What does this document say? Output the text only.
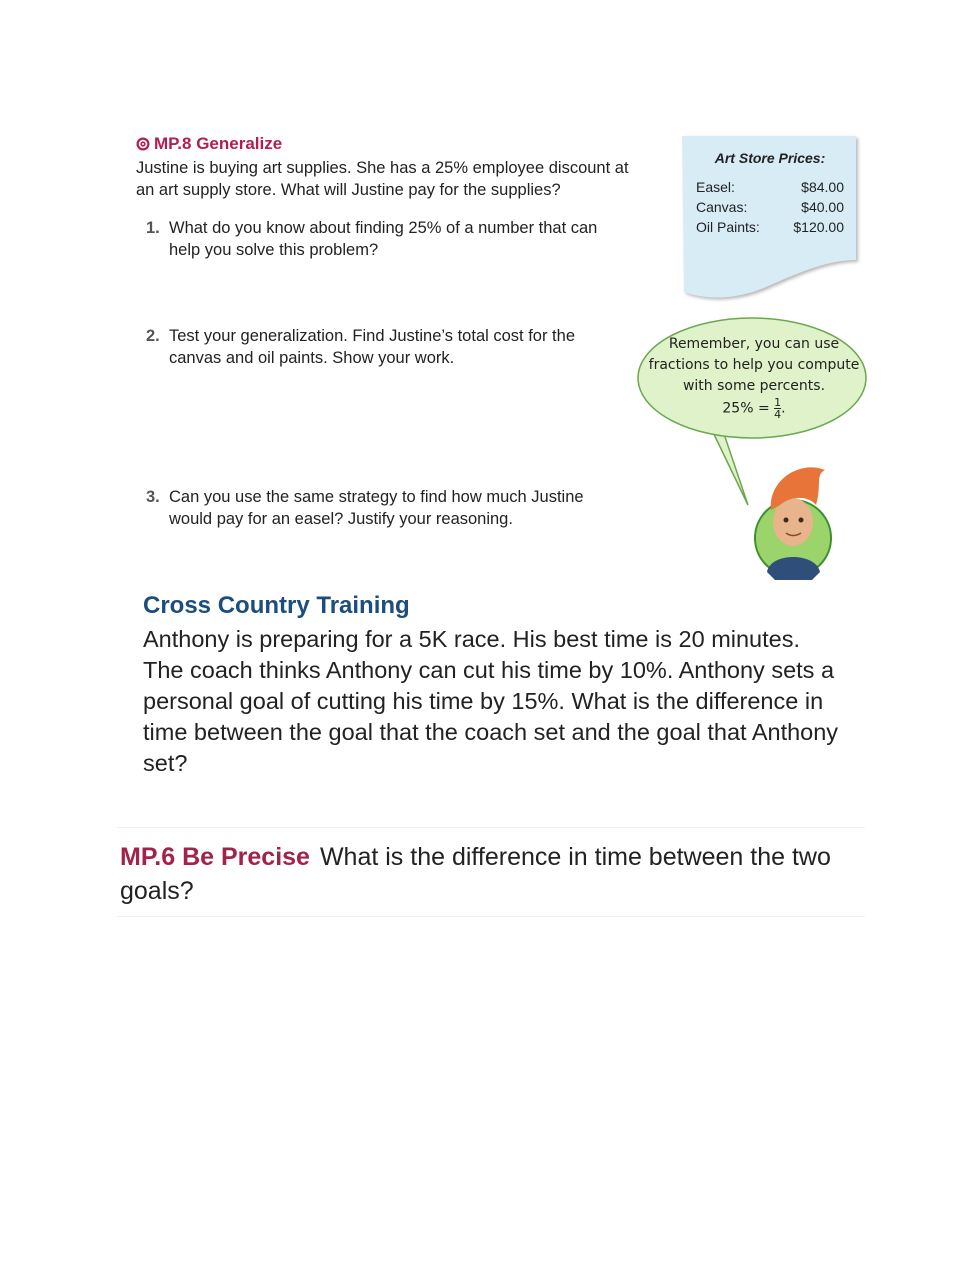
MP.8 Generalize
Justine is buying art supplies. She has a 25% employee discount at an art supply store. What will Justine pay for the supplies?
1. What do you know about finding 25% of a number that can help you solve this problem?
2. Test your generalization. Find Justine’s total cost for the canvas and oil paints. Show your work.
3. Can you use the same strategy to find how much Justine would pay for an easel? Justify your reasoning.
Art Store Prices:
Easel:	$84.00
Canvas:	$40.00
Oil Paints: $120.00
Remember, you can use
fractions to help you compute
with some percents.
$25\% = \frac{1}{4}$ .
Cross Country Training
Anthony is preparing for a 5K race. His best time is 20 minutes. The coach thinks Anthony can cut his time by 10%. Anthony sets a personal goal of cutting his time by 15%. What is the difference in time between the goal that the coach set and the goal that Anthony set?
MP.6 Be Precise What is the difference in time between the two goals?
